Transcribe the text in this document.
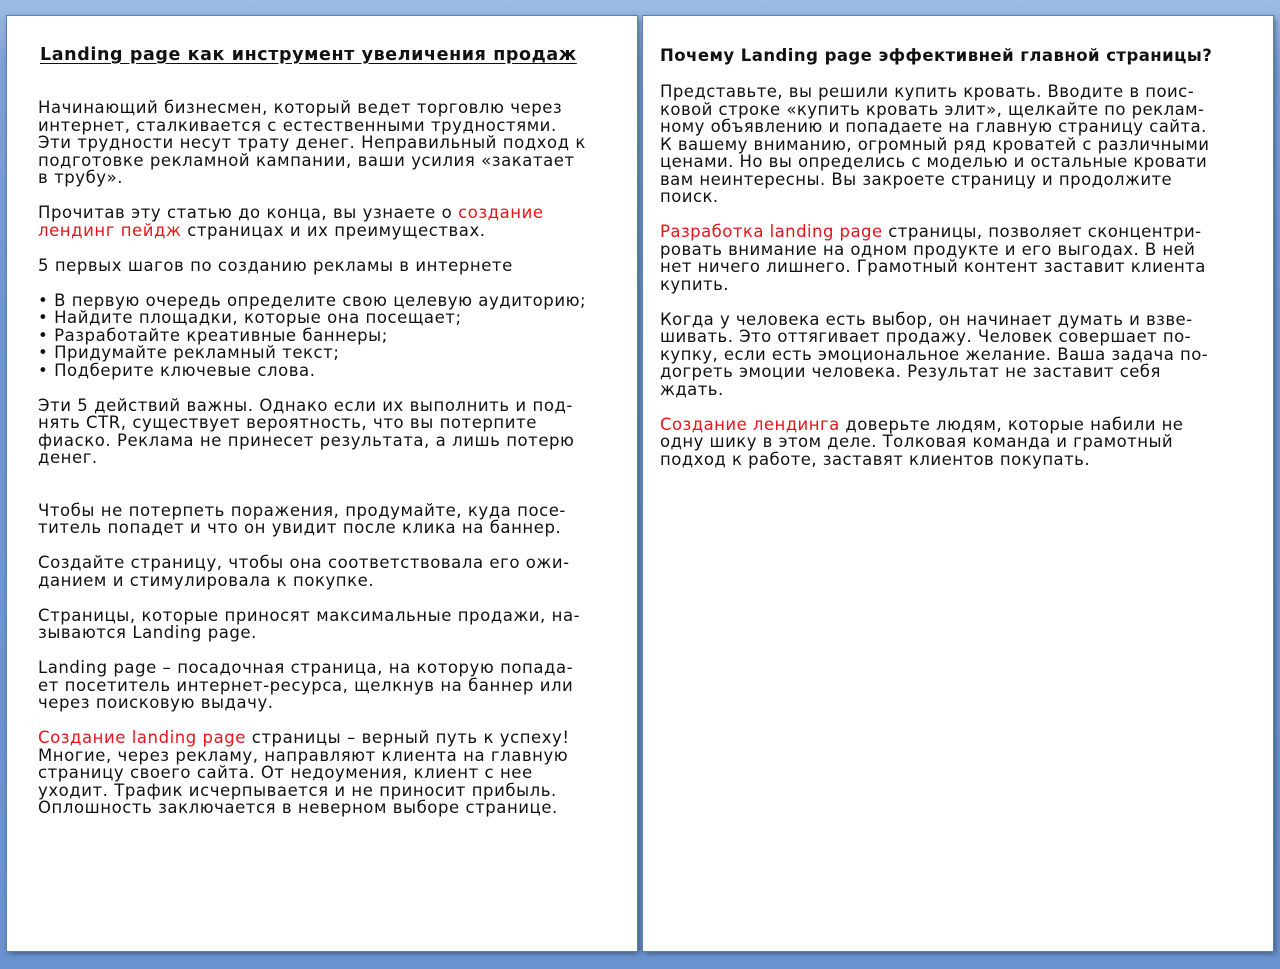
Landing page как инструмент увеличения продаж
Начинающий бизнесмен, который ведет торговлю через
интернет, сталкивается с естественными трудностями.
Эти трудности несут трату денег. Неправильный подход к
подготовке рекламной кампании, ваши усилия «закатает
в трубу».
Прочитав эту статью до конца, вы узнаете о создание
лендинг пейдж страницах и их преимуществах.
5 первых шагов по созданию рекламы в интернете
• В первую очередь определите свою целевую аудиторию;
• Найдите площадки, которые она посещает;
• Разработайте креативные баннеры;
• Придумайте рекламный текст;
• Подберите ключевые слова.
Эти 5 действий важны. Однако если их выполнить и под-
нять CTR, существует вероятность, что вы потерпите
фиаско. Реклама не принесет результата, а лишь потерю
денег.
Чтобы не потерпеть поражения, продумайте, куда посе-
титель попадет и что он увидит после клика на баннер.
Создайте страницу, чтобы она соответствовала его ожи-
данием и стимулировала к покупке.
Страницы, которые приносят максимальные продажи, на-
зываются Landing page.
Landing page – посадочная страница, на которую попада-
ет посетитель интернет-ресурса, щелкнув на баннер или
через поисковую выдачу.
Создание landing page страницы – верный путь к успеху!
Многие, через рекламу, направляют клиента на главную
страницу своего сайта. От недоумения, клиент с нее
уходит. Трафик исчерпывается и не приносит прибыль.
Оплошность заключается в неверном выборе странице.
Почему Landing page эффективней главной страницы?
Представьте, вы решили купить кровать. Вводите в поис-
ковой строке «купить кровать элит», щелкайте по реклам-
ному объявлению и попадаете на главную страницу сайта.
К вашему вниманию, огромный ряд кроватей с различными
ценами. Но вы определись с моделью и остальные кровати
вам неинтересны. Вы закроете страницу и продолжите
поиск.
Разработка landing page страницы, позволяет сконцентри-
ровать внимание на одном продукте и его выгодах. В ней
нет ничего лишнего. Грамотный контент заставит клиента
купить.
Когда у человека есть выбор, он начинает думать и взве-
шивать. Это оттягивает продажу. Человек совершает по-
купку, если есть эмоциональное желание. Ваша задача по-
догреть эмоции человека. Результат не заставит себя
ждать.
Создание лендинга доверьте людям, которые набили не
одну шику в этом деле. Толковая команда и грамотный
подход к работе, заставят клиентов покупать.
